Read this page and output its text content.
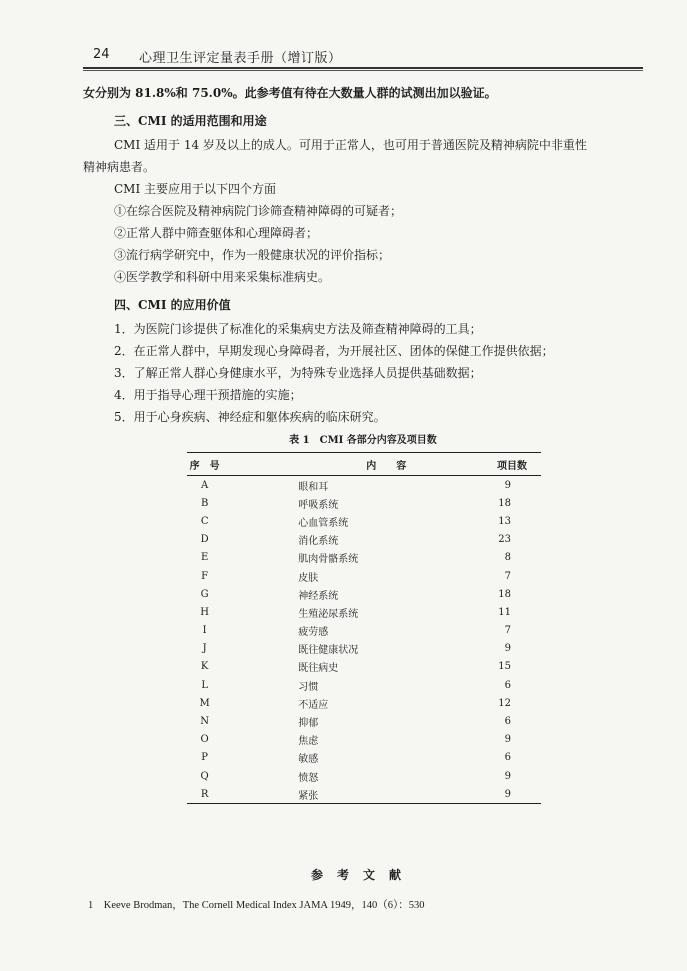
24 心理卫生评定量表手册（增订版）
女分别为 81.8%和 75.0%。此参考值有待在大数量人群的试测出加以验证。
三、CMI 的适用范围和用途
CMI 适用于 14 岁及以上的成人。可用于正常人，也可用于普通医院及精神病院中非重性
精神病患者。
CMI 主要应用于以下四个方面
①在综合医院及精神病院门诊筛查精神障碍的可疑者；
②正常人群中筛查躯体和心理障碍者；
③流行病学研究中，作为一般健康状况的评价指标；
④医学教学和科研中用来采集标准病史。
四、CMI 的应用价值
1．为医院门诊提供了标准化的采集病史方法及筛查精神障碍的工具；
2．在正常人群中，早期发现心身障碍者，为开展社区、团体的保健工作提供依据；
3．了解正常人群心身健康水平，为特殊专业选择人员提供基础数据；
4．用于指导心理干预措施的实施；
5．用于心身疾病、神经症和躯体疾病的临床研究。
表 1　CMI 各部分内容及项目数
序　号	内　　容	项目数
A	眼和耳	9
B	呼吸系统	18
C	心血管系统	13
D	消化系统	23
E	肌肉骨骼系统	8
F	皮肤	7
G	神经系统	18
H	生殖泌尿系统	11
I	疲劳感	7
J	既往健康状况	9
K	既往病史	15
L	习惯	6
M	不适应	12
N	抑郁	6
O	焦虑	9
P	敏感	6
Q	愤怒	9
R	紧张	9
参考文献
1　Keeve Brodman，The Cornell Medical Index JAMA 1949，140（6）：530
